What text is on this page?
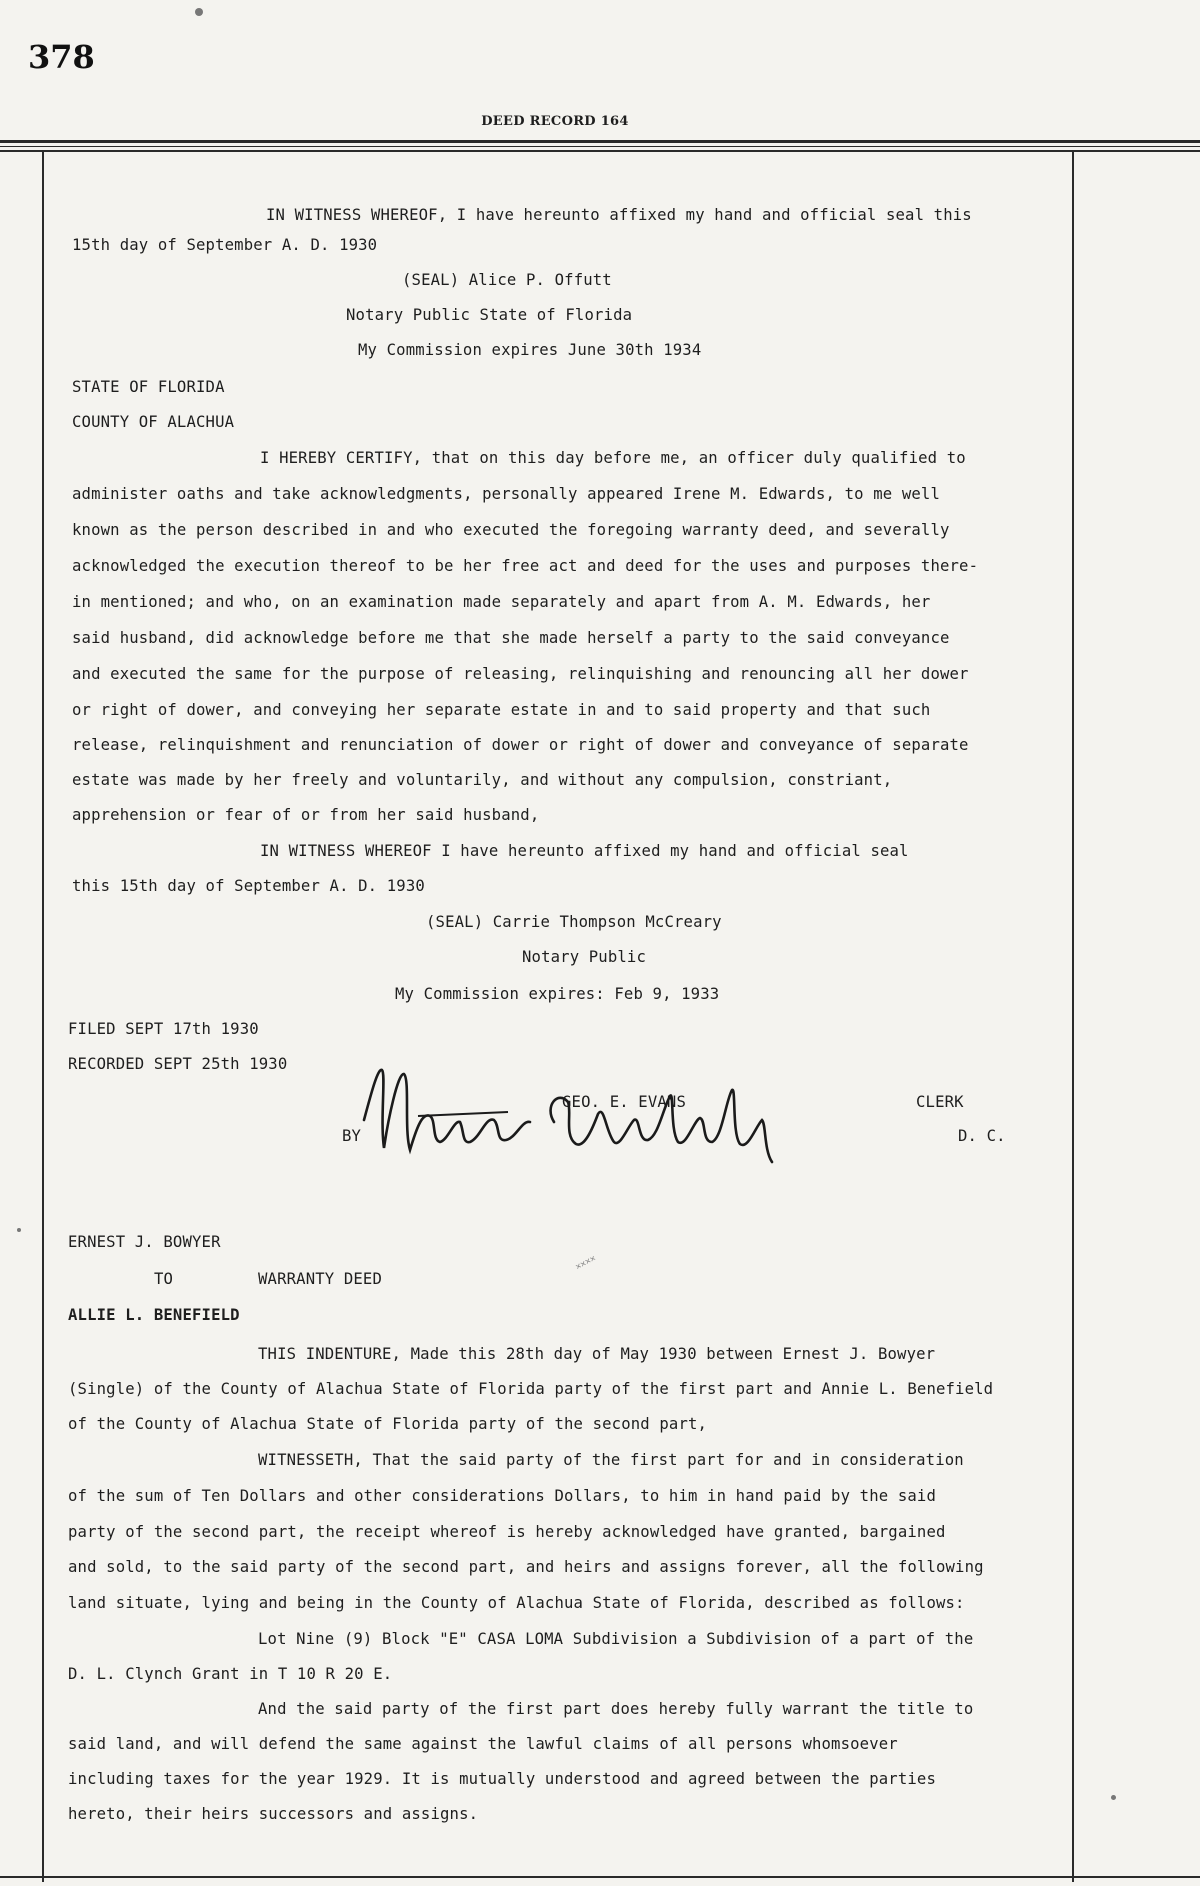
378
DEED RECORD 164
IN WITNESS WHEREOF, I have hereunto affixed my hand and official seal this
15th day of September A. D. 1930
(SEAL) Alice P. Offutt
Notary Public State of Florida
My Commission expires June 30th 1934
STATE OF FLORIDA
COUNTY OF ALACHUA
I HEREBY CERTIFY, that on this day before me, an officer duly qualified to
administer oaths and take acknowledgments, personally appeared Irene M. Edwards, to me well
known as the person described in and who executed the foregoing warranty deed, and severally
acknowledged the execution thereof to be her free act and deed for the uses and purposes there-
in mentioned; and who, on an examination made separately and apart from A. M. Edwards, her
said husband, did acknowledge before me that she made herself a party to the said conveyance
and executed the same for the purpose of releasing, relinquishing and renouncing all her dower
or right of dower, and conveying her separate estate in and to said property and that such
release, relinquishment and renunciation of dower or right of dower and conveyance of separate
estate was made by her freely and voluntarily, and without any compulsion, constriant,
apprehension or fear of or from her said husband,
IN WITNESS WHEREOF I have hereunto affixed my hand and official seal
this 15th day of September A. D. 1930
(SEAL) Carrie Thompson McCreary
Notary Public
My Commission expires: Feb 9, 1933
FILED SEPT 17th 1930
RECORDED SEPT 25th 1930
GEO. E. EVANS	CLERK
BY	D. C.
ERNEST J. BOWYER
TO	WARRANTY DEED
ALLIE L. BENEFIELD
✕✕✕✕
THIS INDENTURE, Made this 28th day of May 1930 between Ernest J. Bowyer
(Single) of the County of Alachua State of Florida party of the first part and Annie L. Benefield
of the County of Alachua State of Florida party of the second part,
WITNESSETH, That the said party of the first part for and in consideration
of the sum of Ten Dollars and other considerations Dollars, to him in hand paid by the said
party of the second part, the receipt whereof is hereby acknowledged have granted, bargained
and sold, to the said party of the second part, and heirs and assigns forever, all the following
land situate, lying and being in the County of Alachua State of Florida, described as follows:
Lot Nine (9) Block "E" CASA LOMA Subdivision a Subdivision of a part of the
D. L. Clynch Grant in T 10 R 20 E.
And the said party of the first part does hereby fully warrant the title to
said land, and will defend the same against the lawful claims of all persons whomsoever
including taxes for the year 1929. It is mutually understood and agreed between the parties
hereto, their heirs successors and assigns.
